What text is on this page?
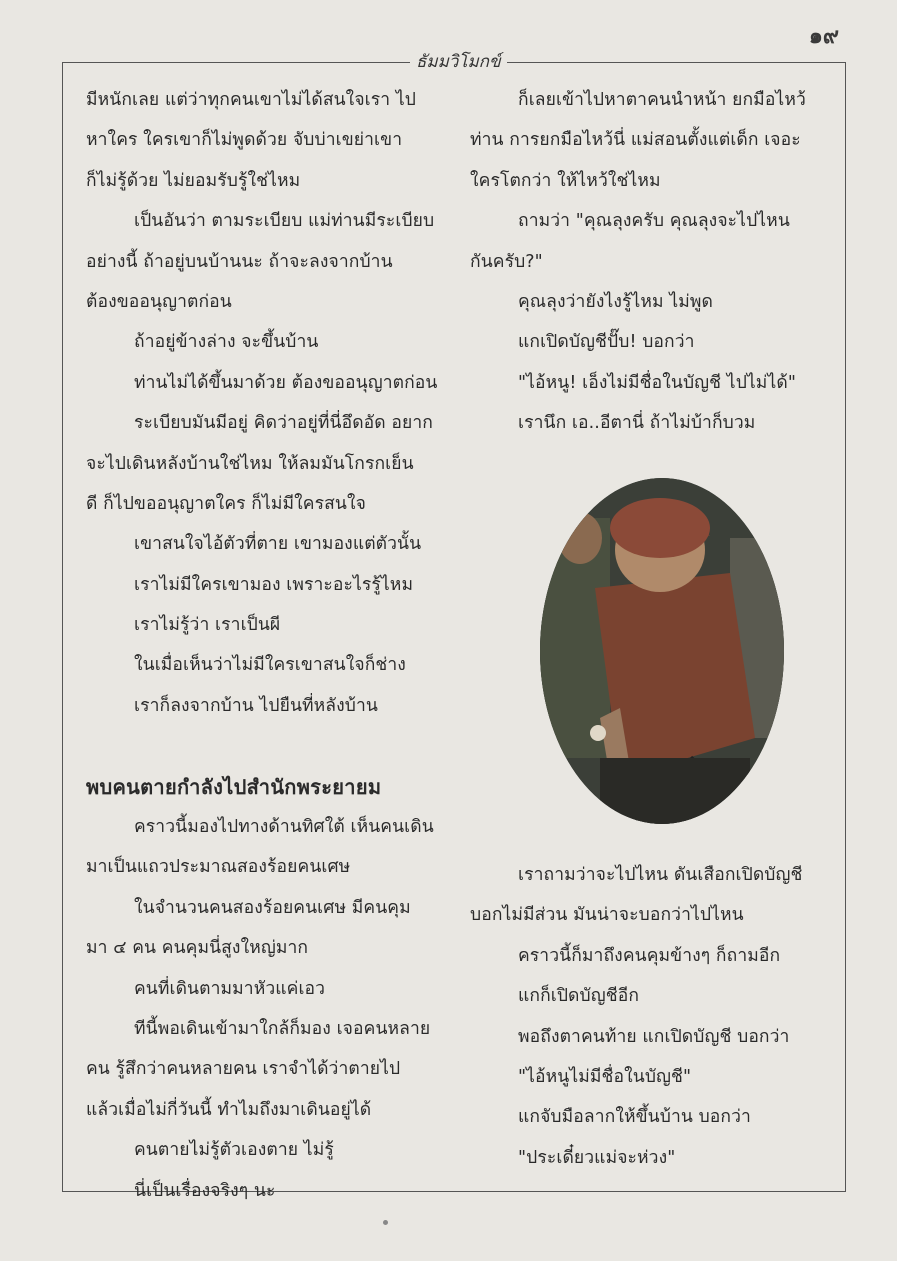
๑๙
ธัมมวิโมกข์
มีหนักเลย แต่ว่าทุกคนเขาไม่ได้สนใจเรา ไป
หาใคร ใครเขาก็ไม่พูดด้วย จับบ่าเขย่าเขา
ก็ไม่รู้ด้วย ไม่ยอมรับรู้ใช่ไหม
เป็นอันว่า ตามระเบียบ แม่ท่านมีระเบียบ
อย่างนี้ ถ้าอยู่บนบ้านนะ ถ้าจะลงจากบ้าน
ต้องขออนุญาตก่อน
ถ้าอยู่ข้างล่าง จะขึ้นบ้าน
ท่านไม่ได้ขึ้นมาด้วย ต้องขออนุญาตก่อน
ระเบียบมันมีอยู่ คิดว่าอยู่ที่นี่อึดอัด อยาก
จะไปเดินหลังบ้านใช่ไหม ให้ลมมันโกรกเย็น
ดี ก็ไปขออนุญาตใคร ก็ไม่มีใครสนใจ
เขาสนใจไอ้ตัวที่ตาย เขามองแต่ตัวนั้น
เราไม่มีใครเขามอง เพราะอะไรรู้ไหม
เราไม่รู้ว่า เราเป็นผี
ในเมื่อเห็นว่าไม่มีใครเขาสนใจก็ช่าง
เราก็ลงจากบ้าน ไปยืนที่หลังบ้าน
พบคนตายกำลังไปสำนักพระยายม
คราวนี้มองไปทางด้านทิศใต้ เห็นคนเดิน
มาเป็นแถวประมาณสองร้อยคนเศษ
ในจำนวนคนสองร้อยคนเศษ มีคนคุม
มา ๔ คน คนคุมนี่สูงใหญ่มาก
คนที่เดินตามมาหัวแค่เอว
ทีนี้พอเดินเข้ามาใกล้ก็มอง เจอคนหลาย
คน รู้สึกว่าคนหลายคน เราจำได้ว่าตายไป
แล้วเมื่อไม่กี่วันนี้ ทำไมถึงมาเดินอยู่ได้
คนตายไม่รู้ตัวเองตาย ไม่รู้
นี่เป็นเรื่องจริงๆ นะ
ก็เลยเข้าไปหาตาคนนำหน้า ยกมือไหว้
ท่าน การยกมือไหว้นี่ แม่สอนตั้งแต่เด็ก เจอะ
ใครโตกว่า ให้ไหว้ใช่ไหม
ถามว่า "คุณลุงครับ คุณลุงจะไปไหน
กันครับ?"
คุณลุงว่ายังไงรู้ไหม ไม่พูด
แกเปิดบัญชีปั๊บ! บอกว่า
"ไอ้หนู! เอ็งไม่มีชื่อในบัญชี ไปไม่ได้"
เรานึก เอ..อีตานี่ ถ้าไม่บ้าก็บวม
เราถามว่าจะไปไหน ดันเสือกเปิดบัญชี
บอกไม่มีส่วน มันน่าจะบอกว่าไปไหน
คราวนี้ก็มาถึงคนคุมข้างๆ ก็ถามอีก
แกก็เปิดบัญชีอีก
พอถึงตาคนท้าย แกเปิดบัญชี บอกว่า
"ไอ้หนูไม่มีชื่อในบัญชี"
แกจับมือลากให้ขึ้นบ้าน บอกว่า
"ประเดี๋ยวแม่จะห่วง"
